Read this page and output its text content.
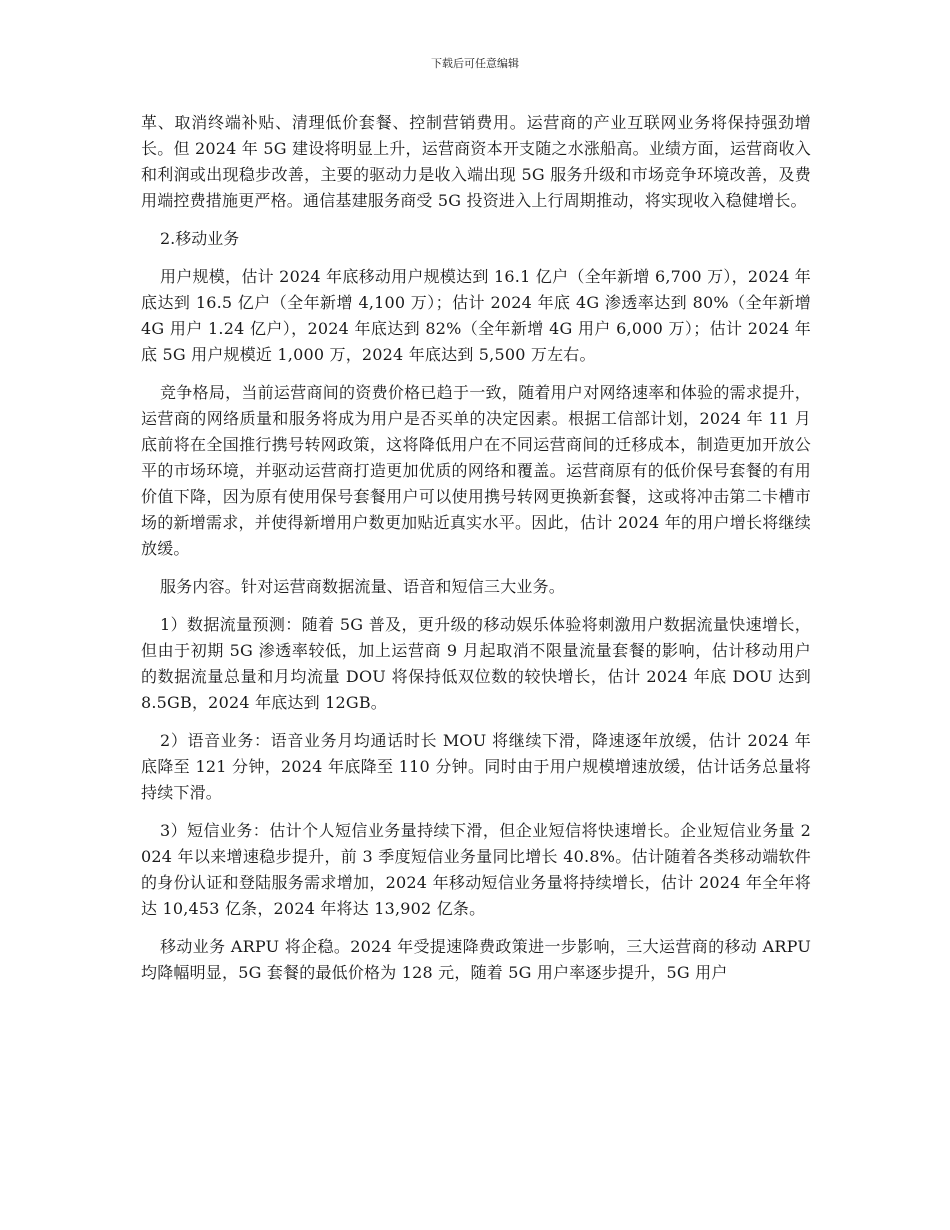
下载后可任意编辑

革、取消终端补贴、清理低价套餐、控制营销费用。运营商的产业互联网业务将保持强劲增长。但 2024 年 5G 建设将明显上升，运营商资本开支随之水涨船高。业绩方面，运营商收入和利润或出现稳步改善，主要的驱动力是收入端出现 5G 服务升级和市场竞争环境改善，及费用端控费措施更严格。通信基建服务商受 5G 投资进入上行周期推动，将实现收入稳健增长。

2.移动业务

用户规模，估计 2024 年底移动用户规模达到 16.1 亿户（全年新增 6,700 万），2024 年底达到 16.5 亿户（全年新增 4,100 万）；估计 2024 年底 4G 渗透率达到 80%（全年新增 4G 用户 1.24 亿户），2024 年底达到 82%（全年新增 4G 用户 6,000 万）；估计 2024 年底 5G 用户规模近 1,000 万，2024 年底达到 5,500 万左右。

竞争格局，当前运营商间的资费价格已趋于一致，随着用户对网络速率和体验的需求提升，运营商的网络质量和服务将成为用户是否买单的决定因素。根据工信部计划，2024 年 11 月底前将在全国推行携号转网政策，这将降低用户在不同运营商间的迁移成本，制造更加开放公平的市场环境，并驱动运营商打造更加优质的网络和覆盖。运营商原有的低价保号套餐的有用价值下降，因为原有使用保号套餐用户可以使用携号转网更换新套餐，这或将冲击第二卡槽市场的新增需求，并使得新增用户数更加贴近真实水平。因此，估计 2024 年的用户增长将继续放缓。

服务内容。针对运营商数据流量、语音和短信三大业务。

1）数据流量预测：随着 5G 普及，更升级的移动娱乐体验将刺激用户数据流量快速增长，但由于初期 5G 渗透率较低，加上运营商 9 月起取消不限量流量套餐的影响，估计移动用户的数据流量总量和月均流量 DOU 将保持低双位数的较快增长，估计 2024 年底 DOU 达到 8.5GB，2024 年底达到 12GB。

2）语音业务：语音业务月均通话时长 MOU 将继续下滑，降速逐年放缓，估计 2024 年底降至 121 分钟，2024 年底降至 110 分钟。同时由于用户规模增速放缓，估计话务总量将持续下滑。

3）短信业务：估计个人短信业务量持续下滑，但企业短信将快速增长。企业短信业务量 2024 年以来增速稳步提升，前 3 季度短信业务量同比增长 40.8%。估计随着各类移动端软件的身份认证和登陆服务需求增加，2024 年移动短信业务量将持续增长，估计 2024 年全年将达 10,453 亿条，2024 年将达 13,902 亿条。

移动业务 ARPU 将企稳。2024 年受提速降费政策进一步影响，三大运营商的移动 ARPU 均降幅明显，5G 套餐的最低价格为 128 元，随着 5G 用户率逐步提升，5G 用户
